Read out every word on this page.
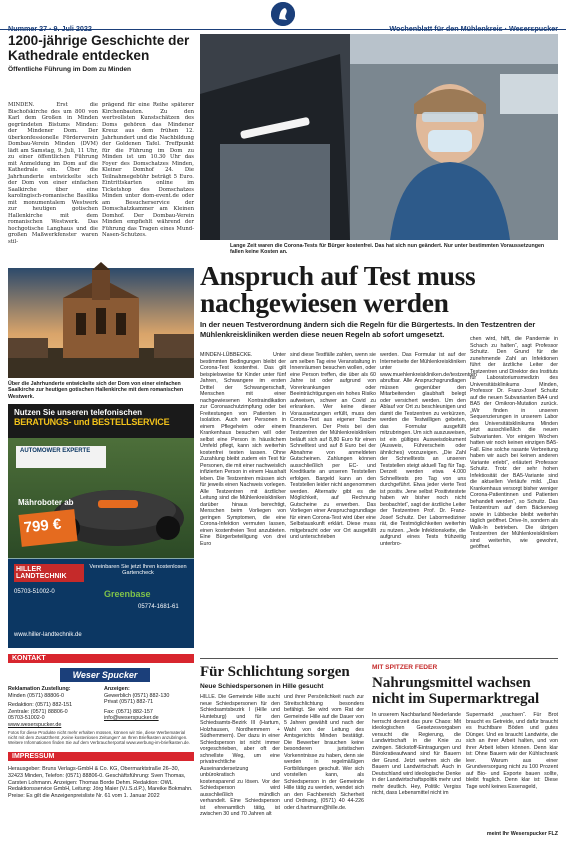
Nummer 27 · 9. Juli 2022	Wochenblatt für den Mühlenkreis · Weserspucker
1200-jährige Geschichte der Kathedrale entdecken
Öffentliche Führung im Dom zu Minden
MINDEN. Erst die Bischofskirche des um 800 von Karl dem Großen in Minden gegründeten Bistums Minden: der Mindener Dom. Der überkonfessionelle Förderverein Dombau-Verein Minden (DVM) lädt am Samstag, 9. Juli, 11 Uhr, zu einer öffentlichen Führung mit Anmeldung im Dom auf die Kathedrale ein. Über die Jahrhunderte entwickelte sich der Dom von einer einfachen Saalkirche über eine karolingisch-romanische Basilika mit monumentalem Westwerk zur heutigen gotischen Hallenkirche mit dem romanischen Westwerk. Das hochgotische Langhaus und die großen Maßwerkfenster waren stil-
prägend für eine Reihe späterer Kirchenbauten. Zu den wertvollsten Kunstschätzen des Doms gehören das Mindener Kreuz aus dem frühen 12. Jahrhundert und die Nachbildung der Goldenen Tafel. Treffpunkt für die Führung im Dom zu Minden ist um 10.30 Uhr das Foyer des Domschatzes Minden, Kleiner Domhof 24. Die Teilnahmegebühr beträgt 5 Euro. Eintrittskarten online im Ticketshop des Domschatzes Minden unter dom-event.de oder am Besucherservice der Domschatzkammer am Kleinen Domhof. Der Dombau-Verein Minden empfiehlt während der Führung das Tragen eines Mund-Nasen-Schutzes.
Über die Jahrhunderte entwickelte sich der Dom von einer einfachen Saalkirche zur heutigen gotischen Hallenkirche mit dem romanischen Westwerk.
Nutzen Sie unseren telefonischen
BERATUNGS- und BESTELLSERVICE
AUTOMOWER EXPERTE
Mähroboter ab
799 €
HILLER LANDTECHNIK
Vereinbaren Sie jetzt Ihren kostenlosen Gartencheck
05703-51002-0	Greenbase
05774-1681-61
www.hiller-landtechnik.de
KONTAKT
Weser Spucker
Reklamation Zustellung:
Minden (0571) 88806-0
Redaktion: (0571) 882-151
Zentrale: (0571) 88806-0
05703-51002-0
www.weserspucker.de
Anzeigen:
Gewerblich (0571) 882-130
Privat (0571) 882-71
Fax: (0571) 882-157
info@weserspucker.de
Fotos für diese Produkte nicht mehr erhalten müssen, können wir Sie, diese Werbematerial nicht mit dem Zusatztherst „Keine kostenlosen Zeitungen“ an Ihren Briefkasten anzubringen. Weitere Informationen finden Sie auf dem Verbraucherportal www.werbung-im-briefkasten.de.
IMPRESSUM
Herausgeber: Bruns Verlags-GmbH & Co. KG, Obermarktstraße 26–30, 32423 Minden, Telefon: (0571) 88806-0. Geschäftsführung: Sven Thomas, Carsten Lohmann. Anzeigen: Thomas Borde Dehm. Redaktion: OWL Redaktionsservice GmbH, Leitung: Jörg Maier (V.i.S.d.P.), Mareike Bokmahn. Preise: Es gilt die Anzeigenpreisliste Nr. 61 vom 1. Januar 2022
Lange Zeit waren die Corona-Tests für Bürger kostenfrei. Das hat sich nun geändert. Nur unter bestimmten Voraussetzungen fallen keine Kosten an.
Anspruch auf Test muss nachgewiesen werden
In der neuen Testverordnung ändern sich die Regeln für die Bürgertests. In den Testzentren der Mühlenkreiskliniken werden diese neuen Regeln ab sofort umgesetzt.
MINDEN-LÜBBECKE. Unter bestimmten Bedingungen bleibt der Corona-Test kostenfrei. Das gilt beispielsweise für Kinder unter fünf Jahren, Schwangere im ersten Drittel der Schwangerschaft, Menschen mit einer nachgewiesenen Kontraindikation zur Coronaschutzimpfung oder bei Freitestungen von Patienten in Isolation. Auch wer Personen in einem Pflegeheim oder einem Krankenhaus besuchen will oder selbst eine Person in häuslichem Umfeld pflegt, kann sich weiterhin kostenfrei testen lassen. Ohne Zuzahlung bleibt zudem ein Test für Personen, die mit einer nachweislich infizierten Person in einem Haushalt leben. Die Testzentren müssen sich für jeweils einen Nachweis vorlegen. Alle Testzentren mit ärztlicher Leitung sind die Mühlenkreiskliniken darüber hinaus berechtigt, Menschen beim Vorliegen von geringen Symptomen, die eine Corona-Infektion vermuten lassen, einen kostenfreien Test anzubieten. Eine Bürgerbeteiligung von drei Euro
sind diese Testfälle zahlen, wenn sie am selben Tag eine Veranstaltung in Innenräumen besuchen wollen, oder eine Person treffen, die über als 60 Jahre ist oder aufgrund von Vorerkrankungen oder Beeinträchtigungen ein hohes Risiko aufweisen, schwer an Covid zu erkranken. Wer keine dieser Voraussetzungen erfüllt, muss den Corona-Test aus eigener Tasche finanzieren. Der Preis bei den Testzentren der Mühlenkreiskliniken beläuft sich auf 8,80 Euro für einen Schnelltest und auf 8 Euro bei der Abnahme von anmeldeten Gutscheinen. Zahlungen können ausschließlich per EC- und Kreditkarte an unseren Teststellen erfolgen. Bargeld kann an den Teststellen leider nicht angenommen werden. Alternativ gibt es die Möglichkeit, auf Rechnung Gutscheine zu erwerben. Das Vorliegen einer Anspruchsgrundlage für einen Corona-Test wird über eine Selbstauskunft erklärt. Diese muss mitgebracht oder vor Ort ausgefüllt und unterschrieben
werden. Das Formular ist auf der Internetseite der Mühlenkreiskliniken unter www.muehlenkreiskliniken.de/testzentren abrufbar. Alle Anspruchsgrundlagen müssen gegenüber den Mitarbeitenden glaubhaft belegt oder versichert werden. Um den Ablauf vor Ort zu beschleunigen und damit die Testzentren zu verkürzen, werden die Testwilligen gebeten, das Formular ausgefüllt mitzubringen. Um sich auszuweisen, ist ein gültiges Ausweisdokument (Ausweis, Führerschein oder ähnliches) vorzuzeigen. „Die Zahl der Schnelltests an unseren Teststellen steigt aktuell Tag für Tag. Derzeit werden etwa 4.000 Schnelltests pro Tag von uns durchgeführt. Etwa jeder vierte Test ist positiv. Jene selbst Positivtestete haben wir bisher noch nicht beobachtet“, sagt der ärztliche Leiter der Testzentren Prof. Dr. Franz-Josef Schuitz. Der Labormediziner rät, die Testmöglichkeiten weiterhin zu nutzen. „Jede Infektionskette, die aufgrund eines Tests frühzeitig unterbro-
chen wird, hilft, die Pandemie in Schach zu halten“, sagt Professor Schuitz. Den Grund für die zunehmende Zahl an Infektionen führt der ärztliche Leiter der Testzentren und Direktor des Instituts für Laboratoriumsmedizin des Universitätsklinikums Minden, Professor Dr. Franz-Josef Schuitz auf die neuen Subvarianten BA4 und BA5 der Omikron-Mutation zurück. „Wir finden in unseren Sequenzierungen in unserem Labor des Universitätsklinikums Minden jetzt ausschließlich die neuen Subvarianten. Vor einigen Wochen hatten wir noch keinen einzigen BA5-Fall. Eine solche rasante Verbreitung haben wir auch bei keinen anderen Variante erlebt“, erläutert Professor Schuitz. Trotz der sehr hohen Infektiosität der BA5-Variante sind die aktuellen Verläufe mild. „Das Krankenhaus versorgt bisher weniger Corona-Patientinnen und Patienten behandelt werden“, so Schuitz. Das Testzentrum auf dem Bäckerweg sowie in Lübbecke bleibt weiterhin täglich geöffnet. Drive-In, sondern als Walk-In betrieben. Die übrigen Testzentren der Mühlenkreiskliniken sind weiterhin, wie gewohnt, geöffnet.
Für Schlichtung sorgen
Neue Schiedspersonen in Hille gesucht
HILLE. Die Gemeinde Hille sucht neue Schiedspersonen für den Schiedsamtsbezirk I (Hille und Hunteburg) und für den Schiedsamts-Bezirk III (Hartum, Holzhausen, Nordhemmern + Südhemmern). Der dazu in einer Schiedsperson ist nicht immer vorgeschrieben, aber oft der schnellste Weg, um eine privatrechtliche Auseinandersetzung unbürokratisch und kostensparend zu lösen. Vor der Schiedsperson wird ausschließlich mündlich verhandelt. Eine Schiedsperson ist ehrenamtlich tätig, ist zwischen 30 und 70 Jahren alt
und ihrer Persönlichkeit nach zur Streitschlichtung besonders befähigt. Sie wird vom Rat der Gemeinde Hille auf die Dauer von 5 Jahren gewählt und nach der Wahl von der Leitung des Amtsgerichts Minden bestätigt. Die Bewerber brauchen keine besonderen juristischen Vorkenntnisse zu haben, denn sie werden in regelmäßigen Fortbildungen geschult. Wer sich vorstellen kann, als Schiedsperson in der Gemeinde Hille tätig zu werden, wendet sich an den Fachbereich Sicherheit und Ordnung, (0571) 40 44-226 oder d.hartmann@hille.de.
MIT SPITZER FEDER
Nahrungsmittel wachsen nicht im Supermarktregal
In unserem Nachbarland Niederlande herrscht derzeit das pure Chaos: Mit ideologischen Gesetzesvorgaben versucht die Regierung, die Landwirtschaft in die Knie zu zwingen. Stickstoff-Eintragungen und Bürokratieaufwand sind für Bauern der Grund. Jetzt wehren sich die Bauern und Landwirtschaft. Auch in Deutschland wird ideologische Denke in der Landwirtschaftspolitik mehr und mehr deutlich. Hey, Politik: Vergiss nicht, dass Lebensmittel nicht im
Supermarkt „wachsen“. Für Brot braucht es Getreide, und dafür braucht es fruchtbare Böden und gutes Dünger. Und es braucht Landwirte, die sich an ihrer Arbeit halten, und von ihrer Arbeit leben können. Denn klar ist: Ohne Bauern wär der Kühlschrank leer. Warum aus einer Grundversorgung nicht zu 100 Prozent auf Bio- und Exporte bauen sollte, bleibt fraglich. Denn klar ist: Diese Tage wohl keines Essensgeld,
meint Ihr Weserspucker FLZ
